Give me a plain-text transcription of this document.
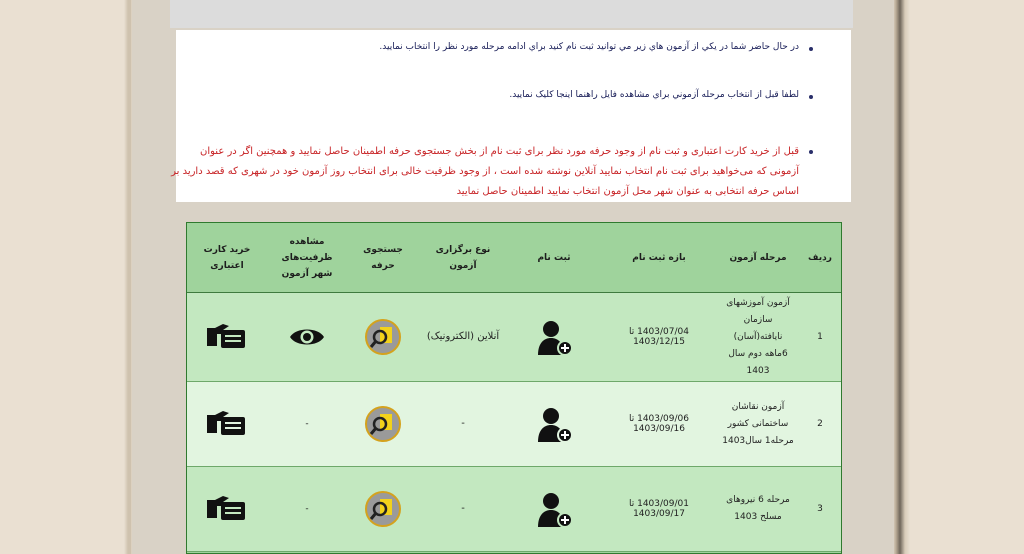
در حال حاضر شما در يکي از آزمون هاي زير مي توانيد ثبت نام کنيد براي ادامه مرحله مورد نظر را انتخاب نماييد.
لطفا قبل از انتخاب مرحله آزموني براي مشاهده فايل راهنما اينجا کليک نماييد.
قبل از خرید کارت اعتباری و ثبت نام از وجود حرفه مورد نظر برای ثبت نام از بخش جستجوی حرفه اطمینان حاصل نمایید و همچنین اگر در عنوان آزمونی که می‌خواهید برای ثبت نام انتخاب نمایید آنلاین نوشته شده است ، از وجود ظرفیت خالی برای انتخاب روز آزمون خود در شهری که قصد دارید بر اساس حرفه انتخابی به عنوان شهر محل آزمون انتخاب نمایید اطمینان حاصل نمایید
ردیف	مرحله آزمون	بازه ثبت نام	ثبت نام	نوع برگزاری آزمون	جستجوی حرفه	مشاهده ظرفیت‌های شهر آزمون	خرید کارت اعتباری
1	آزمون آموزشهای سازمان نایافته(آسان) 6ماهه دوم سال 1403	1403/07/04 تا 1403/12/15		آنلاین (الکترونیک)	

2	آزمون نقاشان ساختمانی کشور مرحله1 سال1403	1403/09/06 تا 1403/09/16		-		-	
3	مرحله 6 نیروهای مسلح 1403	1403/09/01 تا 1403/09/17		-		-	
